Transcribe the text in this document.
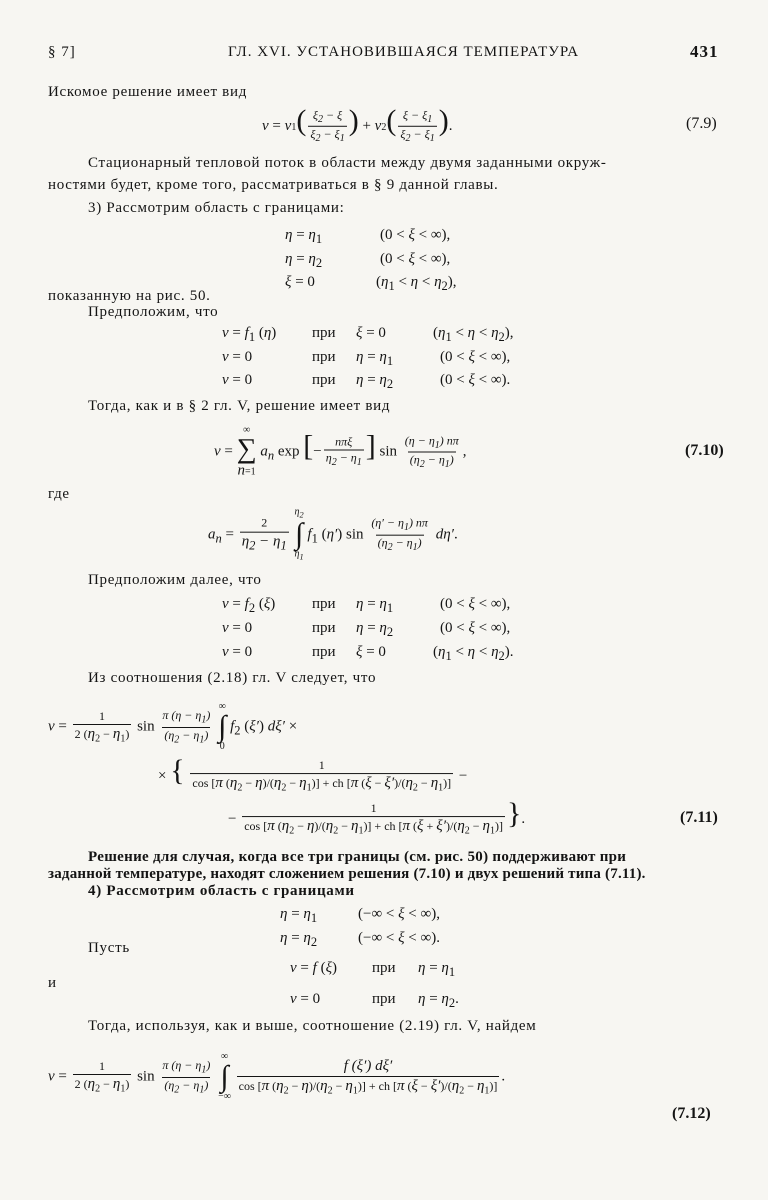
§ 7]	ГЛ. XVI. УСТАНОВИВШАЯСЯ ТЕМПЕРАТУРА	431
Искомое решение имеет вид
$v = v1( \frac{\xi_2 - \xi}{\xi_2 - \xi_1}$ ) + $v2( \frac{\xi - \xi_1}{\xi_2 - \xi_1}$ ).	(7.9)
Стационарный тепловой поток в области между двумя заданными окруж-
ностями будет, кроме того, рассматриваться в § 9 данной главы.
3) Рассмотрим область с границами:
$\eta = \eta_1$	(0 < ξ < ∞),
$\eta = \eta_2$	(0 < ξ < ∞),
ξ = 0	$(\eta_1 < \eta < \eta_2)$,
показанную на рис. 50.
Предположим, что
$v = f_1$ (η) при ξ = 0	$(\eta_1 < \eta < \eta_2)$,
v = 0	при $\eta = \eta_1$	(0 < ξ < ∞),
v = 0	при $\eta = \eta_2$	(0 < ξ < ∞).
Тогда, как и в § 2 гл. V, решение имеет вид
v =
∞
∑
n=1
$a_n$ exp [− $\frac{\text{nπξ}}{\eta_2 - \eta_1}$ ] $\sin \frac{(\eta - \eta_1) n\pi}{(\eta_2 - \eta_1)}$ ,	(7.10)
где
$a_n = \frac{2}{\eta_2 - \eta_1}$

$\eta_2$
∫
$\eta_1$
$f_1$ (η′) $\sin \frac{(\eta' - \eta_1) n\pi}{(\eta_2 - \eta_1)} d\eta'$.
Предположим далее, что
$v = f_2$ (ξ) при $\eta = \eta_1$	(0 < ξ < ∞),
v = 0	при $\eta = \eta_2$	(0 < ξ < ∞),
v = 0	при ξ = 0	$(\eta_1 < \eta < \eta_2)$.
Из соотношения (2.18) гл. V следует, что
$v = \frac{1}{2 (\eta_2 - \eta_1)}$ $\sin \frac{\pi (\eta - \eta_1)}{(\eta_2 - \eta_1)}$

∞
∫
0
$f_2$ (ξ′) dξ′ ×
× { $\frac{1}{\cos [\pi (\eta_2 - \eta)/(\eta_2 - \eta_1)] + ch [\pi (\xi - \xi')/(\eta_2 - \eta_1)]}$ −
− $\frac{1}{\cos [\pi (\eta_2 - \eta)/(\eta_2 - \eta_1)] + ch [\pi (\xi + \xi')/(\eta_2 - \eta_1)]}$ }.	(7.11)
Решение для случая, когда все три границы (см. рис. 50) поддерживают при
заданной температуре, находят сложением решения (7.10) и двух решений типа (7.11).
4) Рассмотрим область с границами
$\eta = \eta_1$	(−∞ < ξ < ∞),
$\eta = \eta_2$	(−∞ < ξ < ∞).
Пусть
v = f (ξ) при $\eta = \eta_1$
и
v = 0	при $\eta = \eta_2$.
Тогда, используя, как и выше, соотношение (2.19) гл. V, найдем
$v = \frac{1}{2 (\eta_2 - \eta_1)}$ $\sin \frac{\pi (\eta - \eta_1)}{(\eta_2 - \eta_1)}$

∞
∫
−∞

$\frac{f (\xi') d\xi'}{\cos [\pi (\eta_2 - \eta)/(\eta_2 - \eta_1)] + ch [\pi (\xi - \xi')/(\eta_2 - \eta_1)]}$ .
(7.12)
